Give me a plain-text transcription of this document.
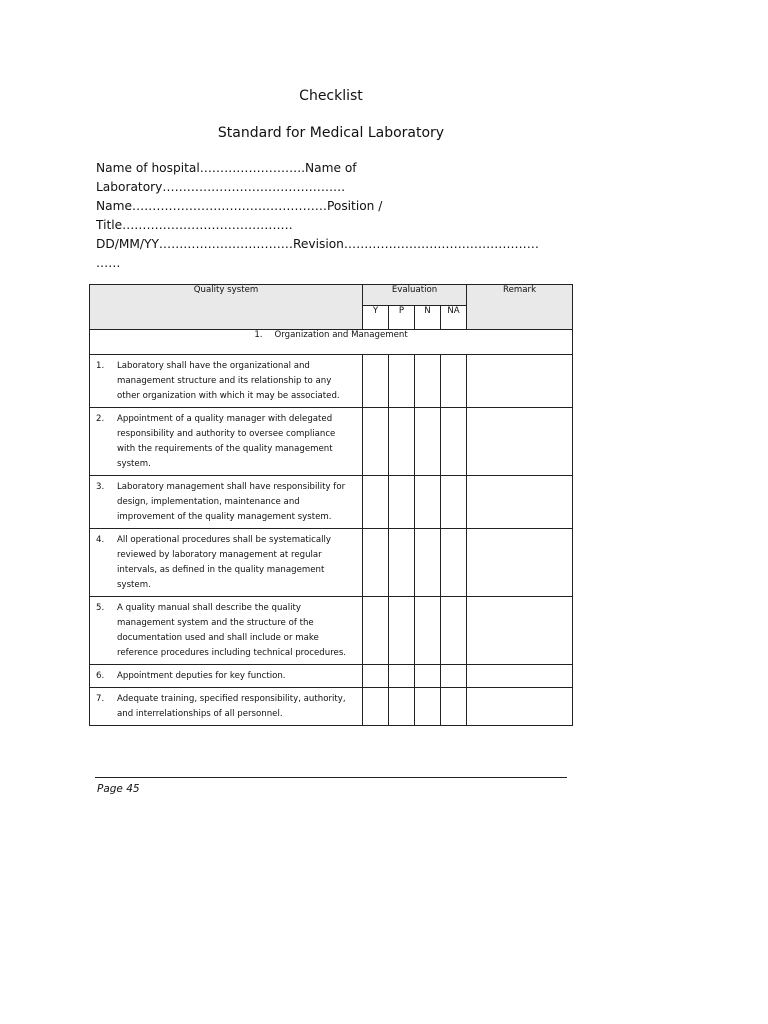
Checklist
Standard for Medical Laboratory
Name of hospital……………………..Name of
Laboratory………………………………………
Name…………………………………………Position /
Title……………………………………
DD/MM/YY……………………………Revision…………………………………………
……
Quality system	Evaluation				Remark
	Y	P	N	NA	
1. Organization and Management					

1. Laboratory shall have the organizational and management structure and its relationship to any other organization with which it may be associated.					

2. Appointment of a quality manager with delegated responsibility and authority to oversee compliance with the requirements of the quality management system.					

3. Laboratory management shall have responsibility for design, implementation, maintenance and improvement of the quality management system.					

4. All operational procedures shall be systematically reviewed by laboratory management at regular intervals, as defined in the quality management system.					

5. A quality manual shall describe the quality management system and the structure of the documentation used and shall include or make reference procedures including technical procedures.					

6. Appointment deputies for key function.					

7. Adequate training, specified responsibility, authority, and interrelationships of all personnel.					

Page 45
